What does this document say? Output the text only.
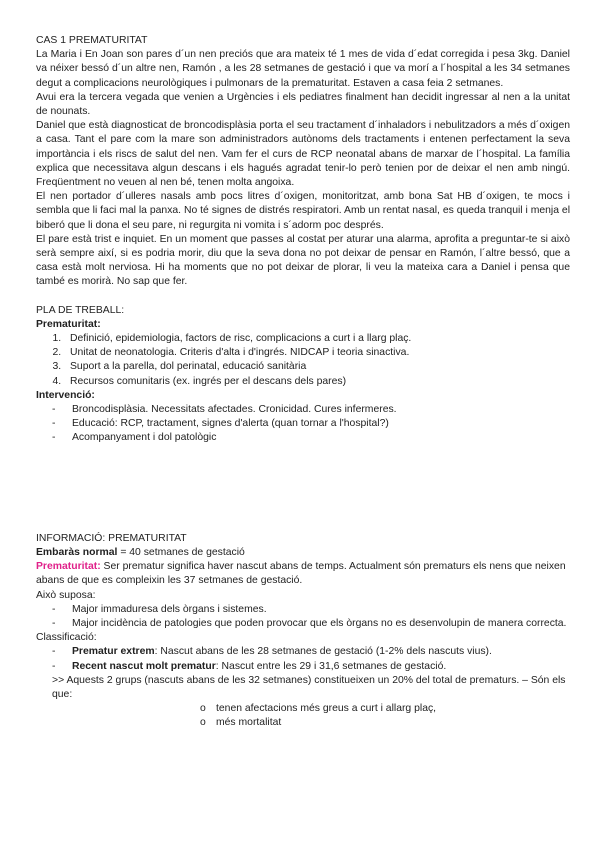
CAS 1 PREMATURITAT

La Maria i En Joan son pares d´un nen preciós que ara mateix té 1 mes de vida d´edat corregida i pesa 3kg. Daniel va néixer bessó d´un altre nen, Ramón , a les 28 setmanes de gestació i que va morí a l´hospital a les 34 setmanes degut a complicacions neurològiques i pulmonars de la prematuritat. Estaven a casa feia 2 setmanes.

Avui era la tercera vegada que venien a Urgències i els pediatres finalment han decidit ingressar al nen a la unitat de nounats.

Daniel que està diagnosticat de broncodisplàsia porta el seu tractament d´inhaladors i nebulitzadors a més d´oxigen a casa. Tant el pare com la mare son administradors autònoms dels tractaments i entenen perfectament la seva importància i els riscs de salut del nen. Vam fer el curs de RCP neonatal abans de marxar de l´hospital. La família explica que necessitava algun descans i els hagués agradat tenir-lo però tenien por de deixar el nen amb ningú. Freqüentment no veuen al nen bé, tenen molta angoixa.

El nen portador d´ulleres nasals amb pocs litres d´oxigen, monitoritzat, amb bona Sat HB d´oxigen, te mocs i sembla que li faci mal la panxa. No té signes de distrés respiratori. Amb un rentat nasal, es queda tranquil i menja el biberó que li dona el seu pare, ni regurgita ni vomita i s´adorm poc després.

El pare està trist e inquiet. En un moment que passes al costat per aturar una alarma, aprofita a preguntar-te si això serà sempre així, si es podria morir, diu que la seva dona no pot deixar de pensar en Ramón, l´altre bessó, que a casa està molt nerviosa. Hi ha moments que no pot deixar de plorar, li veu la mateixa cara a Daniel i pensa que també es morirà. No sap que fer.

PLA DE TREBALL:

Prematuritat:

1. Definició, epidemiologia, factors de risc, complicacions a curt i a llarg plaç.
2. Unitat de neonatologia. Criteris d'alta i d'ingrés. NIDCAP i teoria sinactiva.
3. Suport a la parella, dol perinatal, educació sanitària
4. Recursos comunitaris (ex. ingrés per el descans dels pares)

Intervenció:

- Broncodisplàsia. Necessitats afectades. Cronicidad. Cures infermeres.
- Educació: RCP, tractament, signes d'alerta (quan tornar a l'hospital?)
- Acompanyament i dol patològic

INFORMACIÓ: PREMATURITAT

Embaràs normal = 40 setmanes de gestació

Prematuritat: Ser prematur significa haver nascut abans de temps. Actualment són prematurs els nens que neixen abans de que es compleixin les 37 setmanes de gestació.

Això suposa:

- Major immaduresa dels òrgans i sistemes.
- Major incidència de patologies que poden provocar que els òrgans no es desenvolupin de manera correcta.

Classificació:

- Prematur extrem: Nascut abans de les 28 setmanes de gestació (1-2% dels nascuts vius).
- Recent nascut molt prematur: Nascut entre les 29 i 31,6 setmanes de gestació.

>> Aquests 2 grups (nascuts abans de les 32 setmanes) constitueixen un 20% del total de prematurs. – Són els que:

o tenen afectacions més greus a curt i allarg plaç,
o més mortalitat
